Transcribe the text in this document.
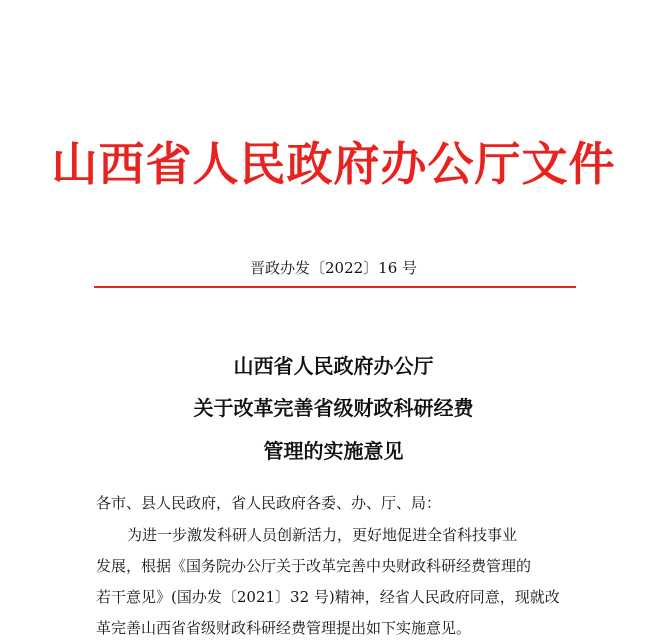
山西省人民政府办公厅文件
晋政办发〔2022〕16 号
山西省人民政府办公厅
关于改革完善省级财政科研经费
管理的实施意见
各市、县人民政府，省人民政府各委、办、厅、局：
为进一步激发科研人员创新活力，更好地促进全省科技事业
发展，根据《国务院办公厅关于改革完善中央财政科研经费管理的
若干意见》(国办发〔2021〕32 号)精神，经省人民政府同意，现就改
革完善山西省省级财政科研经费管理提出如下实施意见。
